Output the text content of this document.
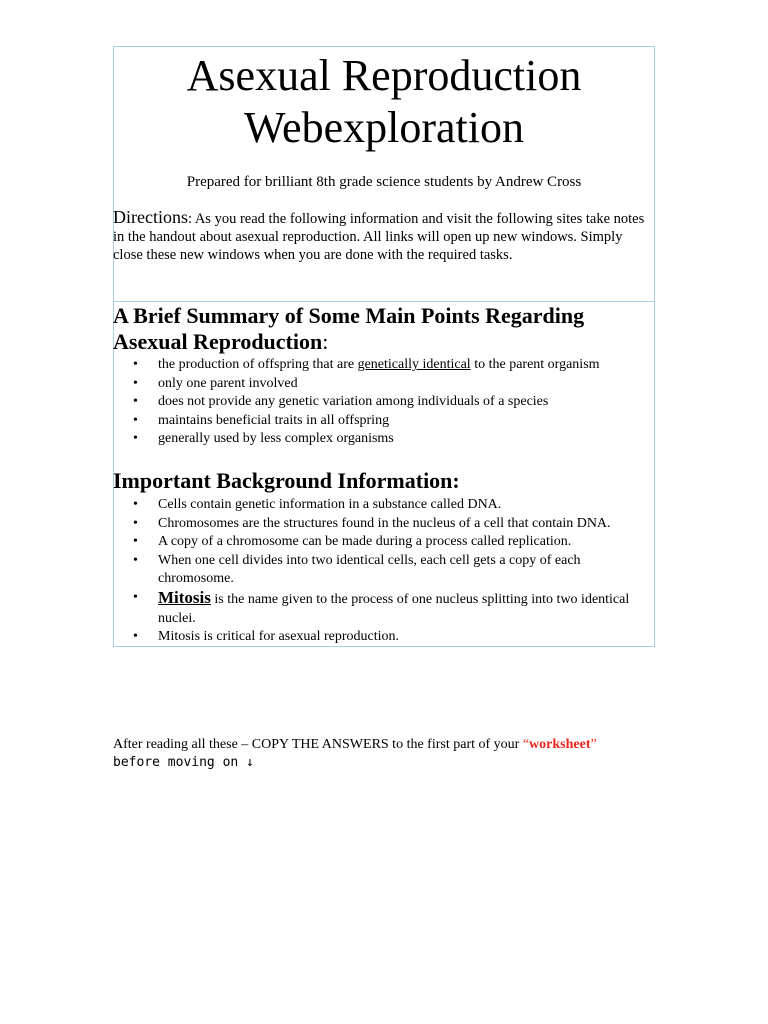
Asexual Reproduction
Webexploration
Prepared for brilliant 8th grade science students by Andrew Cross
Directions: As you read the following information and visit the following sites take notes in the handout about asexual reproduction. All links will open up new windows. Simply close these new windows when you are done with the required tasks.
A Brief Summary of Some Main Points Regarding Asexual Reproduction:
• the production of offspring that are genetically identical to the parent organism
• only one parent involved
• does not provide any genetic variation among individuals of a species
• maintains beneficial traits in all offspring
• generally used by less complex organisms
Important Background Information:
• Cells contain genetic information in a substance called DNA.
• Chromosomes are the structures found in the nucleus of a cell that contain DNA.
• A copy of a chromosome can be made during a process called replication.
• When one cell divides into two identical cells, each cell gets a copy of each chromosome.
• Mitosis is the name given to the process of one nucleus splitting into two identical nuclei.
• Mitosis is critical for asexual reproduction.
After reading all these – COPY THE ANSWERS to the first part of your “worksheet”
before moving on ↓
